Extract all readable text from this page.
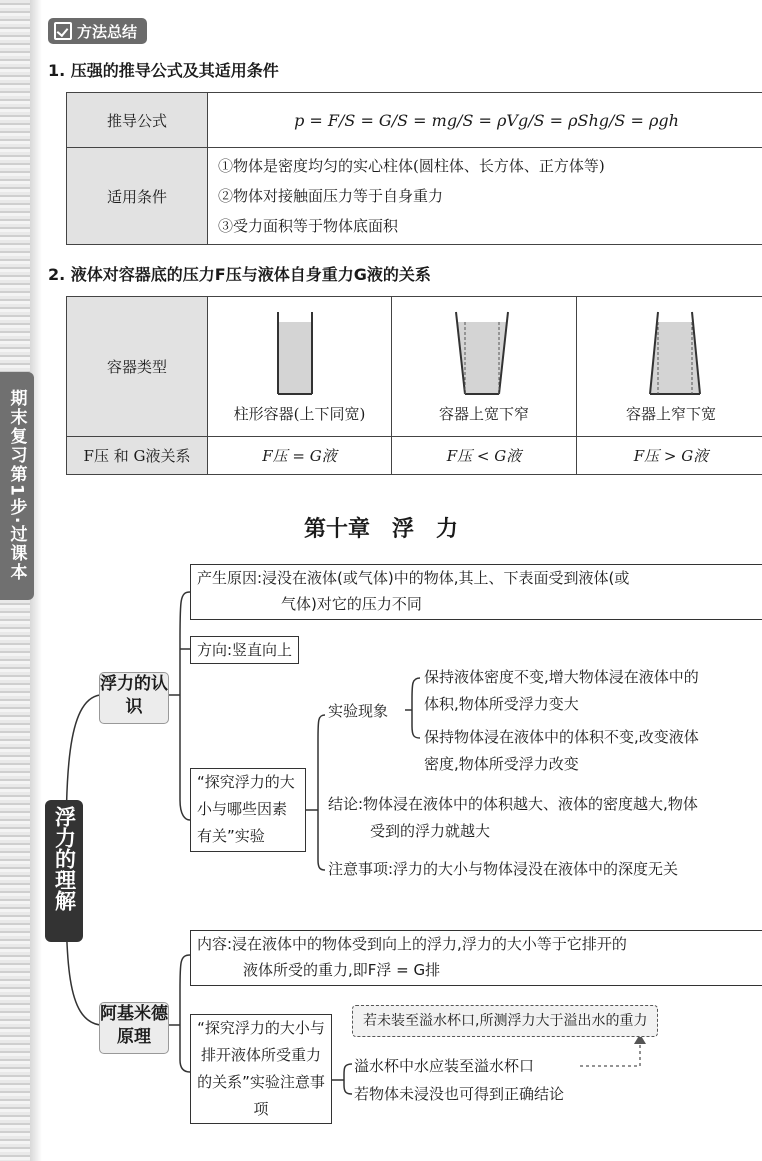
期末复习第1步·过课本
方法总结
1. 压强的推导公式及其适用条件
推导公式	p = F/S = G/S = mg/S = ρVg/S = ρShg/S = ρgh
适用条件	①物体是密度均匀的实心柱体(圆柱体、长方体、正方体等)
②物体对接触面压力等于自身重力
③受力面积等于物体底面积
2. 液体对容器底的压力F压与液体自身重力G液的关系
容器类型	柱形容器(上下同宽)	容器上宽下窄	容器上窄下宽
F压 和 G液关系	F压 = G液	F压 < G液	F压 > G液
第十章　浮　力
浮力的理解
浮力的认识
产生原因:浸没在液体(或气体)中的物体,其上、下表面受到液体(或
气体)对它的压力不同
方向:竖直向上
“探究浮力的大小与哪些因素有关”实验
实验现象
保持液体密度不变,增大物体浸在液体中的
体积,物体所受浮力变大
保持物体浸在液体中的体积不变,改变液体
密度,物体所受浮力改变
结论:物体浸在液体中的体积越大、液体的密度越大,物体
受到的浮力就越大
注意事项:浮力的大小与物体浸没在液体中的深度无关
阿基米德原理
内容:浸在液体中的物体受到向上的浮力,浮力的大小等于它排开的
液体所受的重力,即F浮 = G排
“探究浮力的大小与排开液体所受重力的关系”实验注意事项
若未装至溢水杯口,所测浮力大于溢出水的重力
溢水杯中水应装至溢水杯口
若物体未浸没也可得到正确结论
